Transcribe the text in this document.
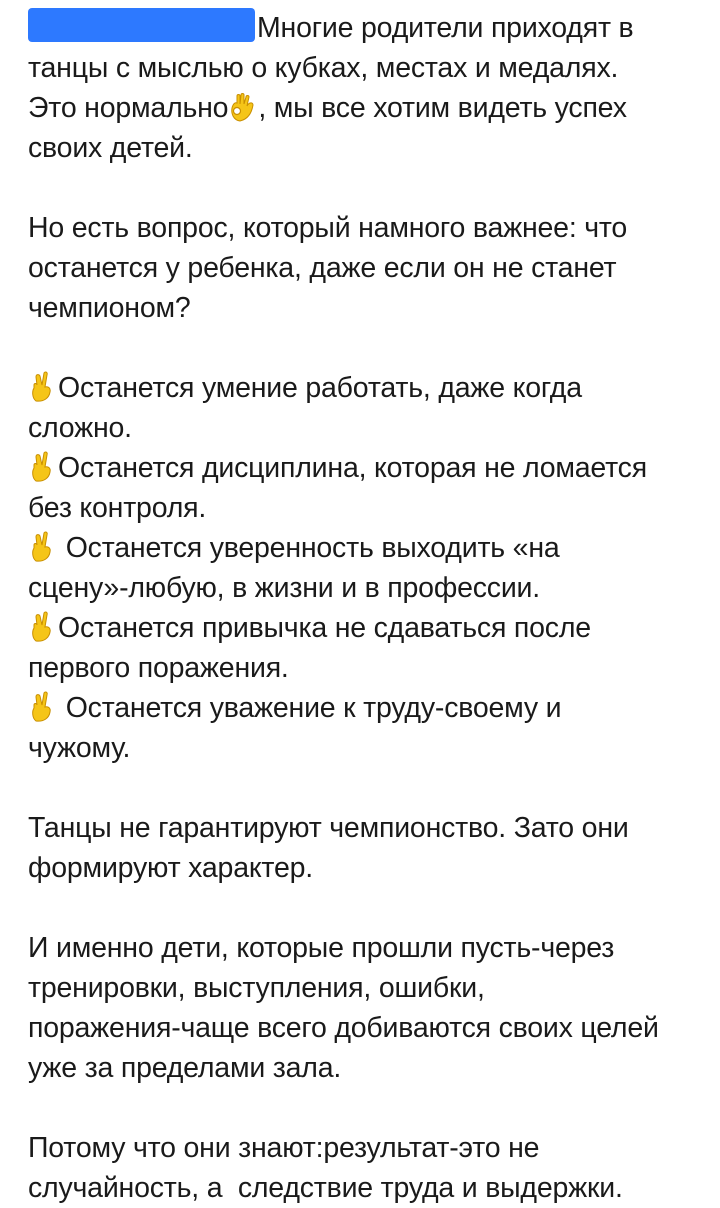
Многие родители приходят в
танцы с мыслью о кубках, местах и медалях.
Это нормально , мы все хотим видеть успех
своих детей.
Но есть вопрос, который намного важнее: что
останется у ребенка, даже если он не станет
чемпионом?
Останется умение работать, даже когда
сложно.
Останется дисциплина, которая не ломается
без контроля.
Останется уверенность выходить «на
сцену»-любую, в жизни и в профессии.
Останется привычка не сдаваться после
первого поражения.
Останется уважение к труду-своему и
чужому.
Танцы не гарантируют чемпионство. Зато они
формируют характер.
И именно дети, которые прошли пусть-через
тренировки, выступления, ошибки,
поражения-чаще всего добиваются своих целей
уже за пределами зала.
Потому что они знают:результат-это не
случайность, а  следствие труда и выдержки.
